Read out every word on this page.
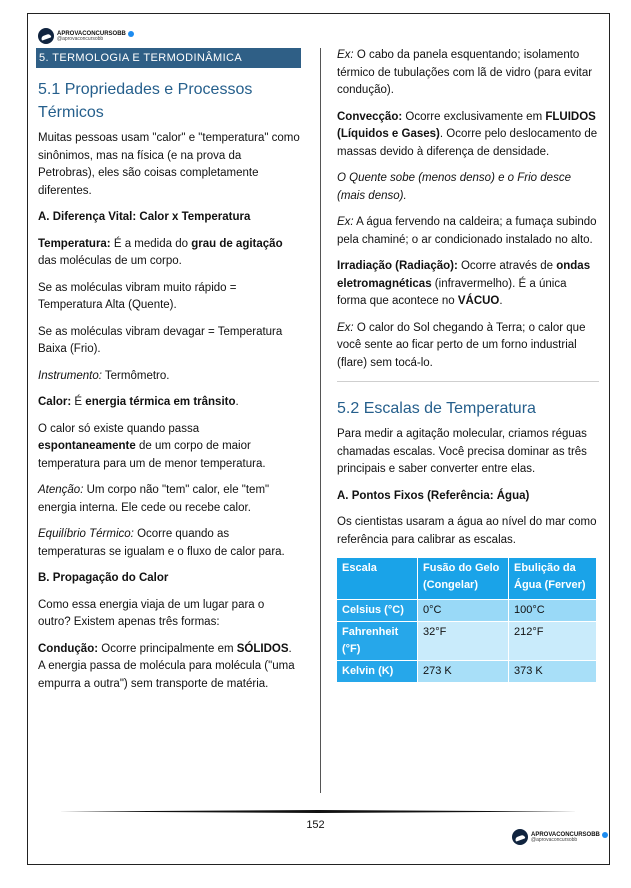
APROVACONCURSOBB
@aprovaconcursobb
5. TERMOLOGIA E TERMODINÂMICA
5.1 Propriedades e Processos Térmicos

Muitas pessoas usam "calor" e "temperatura" como sinônimos, mas na física (e na prova da Petrobras), eles são coisas completamente diferentes.

A. Diferença Vital: Calor x Temperatura

Temperatura: É a medida do grau de agitação das moléculas de um corpo.

Se as moléculas vibram muito rápido = Temperatura Alta (Quente).

Se as moléculas vibram devagar = Temperatura Baixa (Frio).

Instrumento: Termômetro.

Calor: É energia térmica em trânsito.

O calor só existe quando passa espontaneamente de um corpo de maior temperatura para um de menor temperatura.

Atenção: Um corpo não "tem" calor, ele "tem" energia interna. Ele cede ou recebe calor.

Equilíbrio Térmico: Ocorre quando as temperaturas se igualam e o fluxo de calor para.

B. Propagação do Calor

Como essa energia viaja de um lugar para o outro? Existem apenas três formas:

Condução: Ocorre principalmente em SÓLIDOS. A energia passa de molécula para molécula ("uma empurra a outra") sem transporte de matéria.

Ex: O cabo da panela esquentando; isolamento térmico de tubulações com lã de vidro (para evitar condução).

Convecção: Ocorre exclusivamente em FLUIDOS (Líquidos e Gases). Ocorre pelo deslocamento de massas devido à diferença de densidade.

O Quente sobe (menos denso) e o Frio desce (mais denso).

Ex: A água fervendo na caldeira; a fumaça subindo pela chaminé; o ar condicionado instalado no alto.

Irradiação (Radiação): Ocorre através de ondas eletromagnéticas (infravermelho). É a única forma que acontece no VÁCUO.

Ex: O calor do Sol chegando à Terra; o calor que você sente ao ficar perto de um forno industrial (flare) sem tocá-lo.

5.2 Escalas de Temperatura

Para medir a agitação molecular, criamos réguas chamadas escalas. Você precisa dominar as três principais e saber converter entre elas.

A. Pontos Fixos (Referência: Água)

Os cientistas usaram a água ao nível do mar como referência para calibrar as escalas.

Escala	Fusão do Gelo (Congelar)	Ebulição da Água (Ferver)
Celsius (°C)	0°C	100°C
Fahrenheit (°F)	32°F	212°F
Kelvin (K)	273 K	373 K
152
APROVACONCURSOBB
@aprovaconcursobb
